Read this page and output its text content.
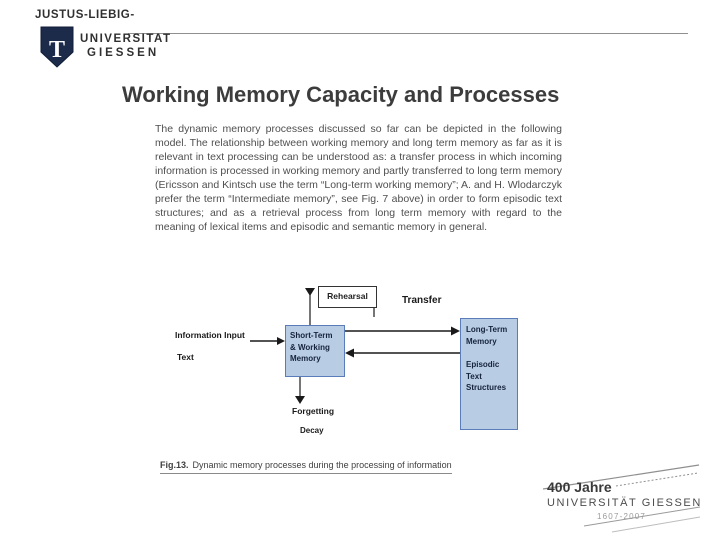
JUSTUS-LIEBIG-
T UNIVERSITAT
GIESSEN
Working Memory Capacity and Processes
The dynamic memory processes discussed so far can be depicted in the following model. The relationship between working memory and long term memory as far as it is relevant in text processing can be understood as: a transfer process in which incoming information is processed in working memory and partly transferred to long term memory (Ericsson and Kintsch use the term “Long-term working memory”; A. and H. Wlodarczyk prefer the term “Intermediate memory”, see Fig. 7 above) in order to form episodic text structures; and as a retrieval process from long term memory with regard to the meaning of lexical items and episodic and semantic memory in general.
Rehearsal	Transfer
Information Input
Text
Short-Term
& Working
Memory
Long-Term
Memory
Episodic
Text
Structures
Forgetting
Decay
Fig.13. Dynamic memory processes during the processing of information
400 Jahre
UNIVERSITÄT GIESSEN
1607-2007
